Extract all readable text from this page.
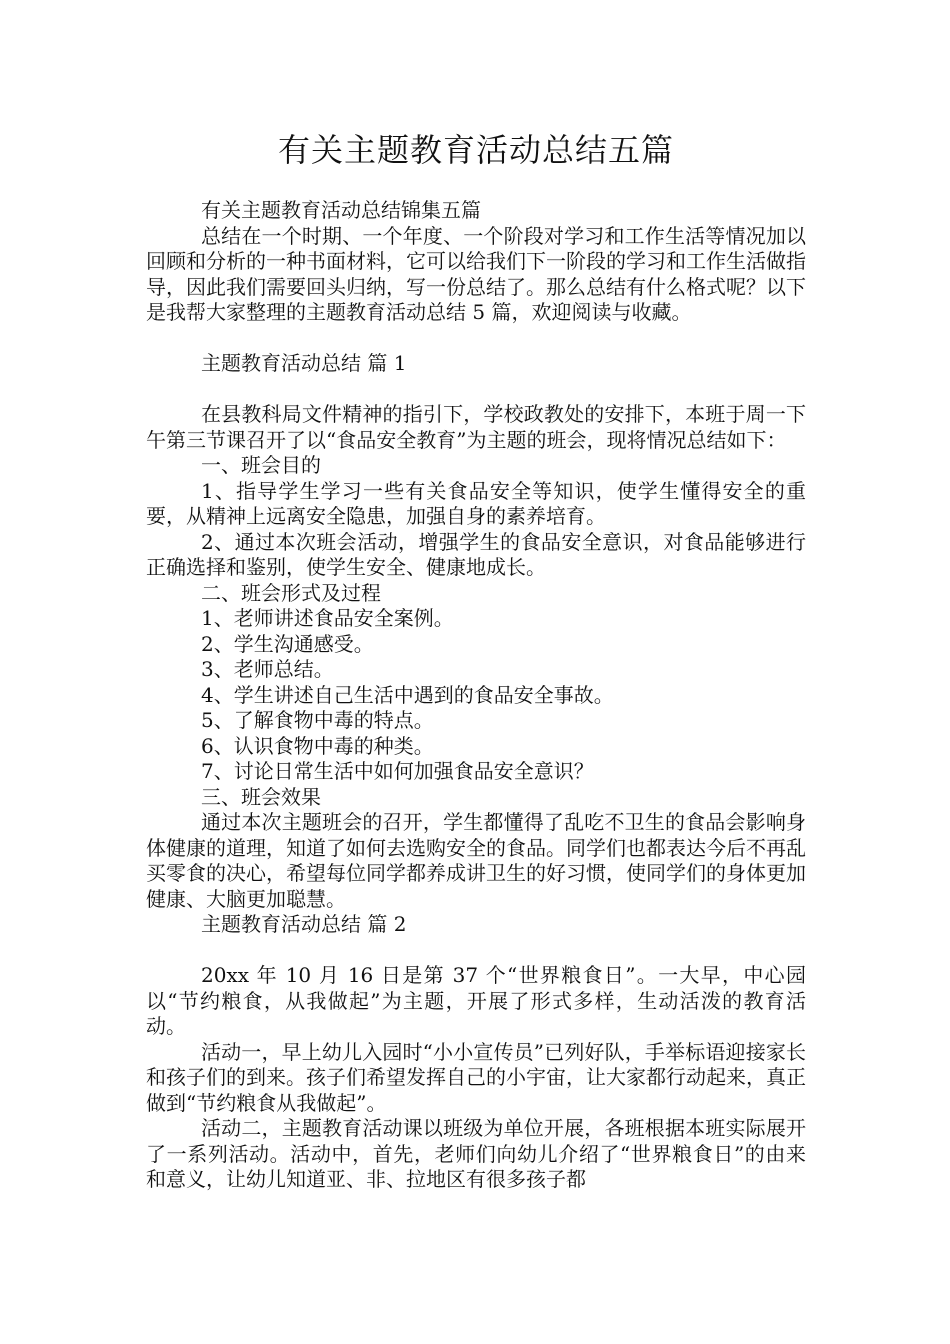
有关主题教育活动总结五篇

有关主题教育活动总结锦集五篇

总结在一个时期、一个年度、一个阶段对学习和工作生活等情况加以回顾和分析的一种书面材料，它可以给我们下一阶段的学习和工作生活做指导，因此我们需要回头归纳，写一份总结了。那么总结有什么格式呢？以下是我帮大家整理的主题教育活动总结 5 篇，欢迎阅读与收藏。

主题教育活动总结 篇 1

在县教科局文件精神的指引下，学校政教处的安排下，本班于周一下午第三节课召开了以“食品安全教育”为主题的班会，现将情况总结如下：

一、班会目的

1、指导学生学习一些有关食品安全等知识，使学生懂得安全的重要，从精神上远离安全隐患，加强自身的素养培育。

2、通过本次班会活动，增强学生的食品安全意识，对食品能够进行正确选择和鉴别，使学生安全、健康地成长。

二、班会形式及过程

1、老师讲述食品安全案例。

2、学生沟通感受。

3、老师总结。

4、学生讲述自己生活中遇到的食品安全事故。

5、了解食物中毒的特点。

6、认识食物中毒的种类。

7、讨论日常生活中如何加强食品安全意识？

三、班会效果

通过本次主题班会的召开，学生都懂得了乱吃不卫生的食品会影响身体健康的道理，知道了如何去选购安全的食品。同学们也都表达今后不再乱买零食的决心，希望每位同学都养成讲卫生的好习惯，使同学们的身体更加健康、大脑更加聪慧。

主题教育活动总结 篇 2

20xx 年 10 月 16 日是第 37 个“世界粮食日”。一大早，中心园以“节约粮食，从我做起”为主题，开展了形式多样，生动活泼的教育活动。

活动一，早上幼儿入园时“小小宣传员”已列好队，手举标语迎接家长和孩子们的到来。孩子们希望发挥自己的小宇宙，让大家都行动起来，真正做到“节约粮食从我做起”。

活动二，主题教育活动课以班级为单位开展，各班根据本班实际展开了一系列活动。活动中，首先，老师们向幼儿介绍了“世界粮食日”的由来和意义，让幼儿知道亚、非、拉地区有很多孩子都
